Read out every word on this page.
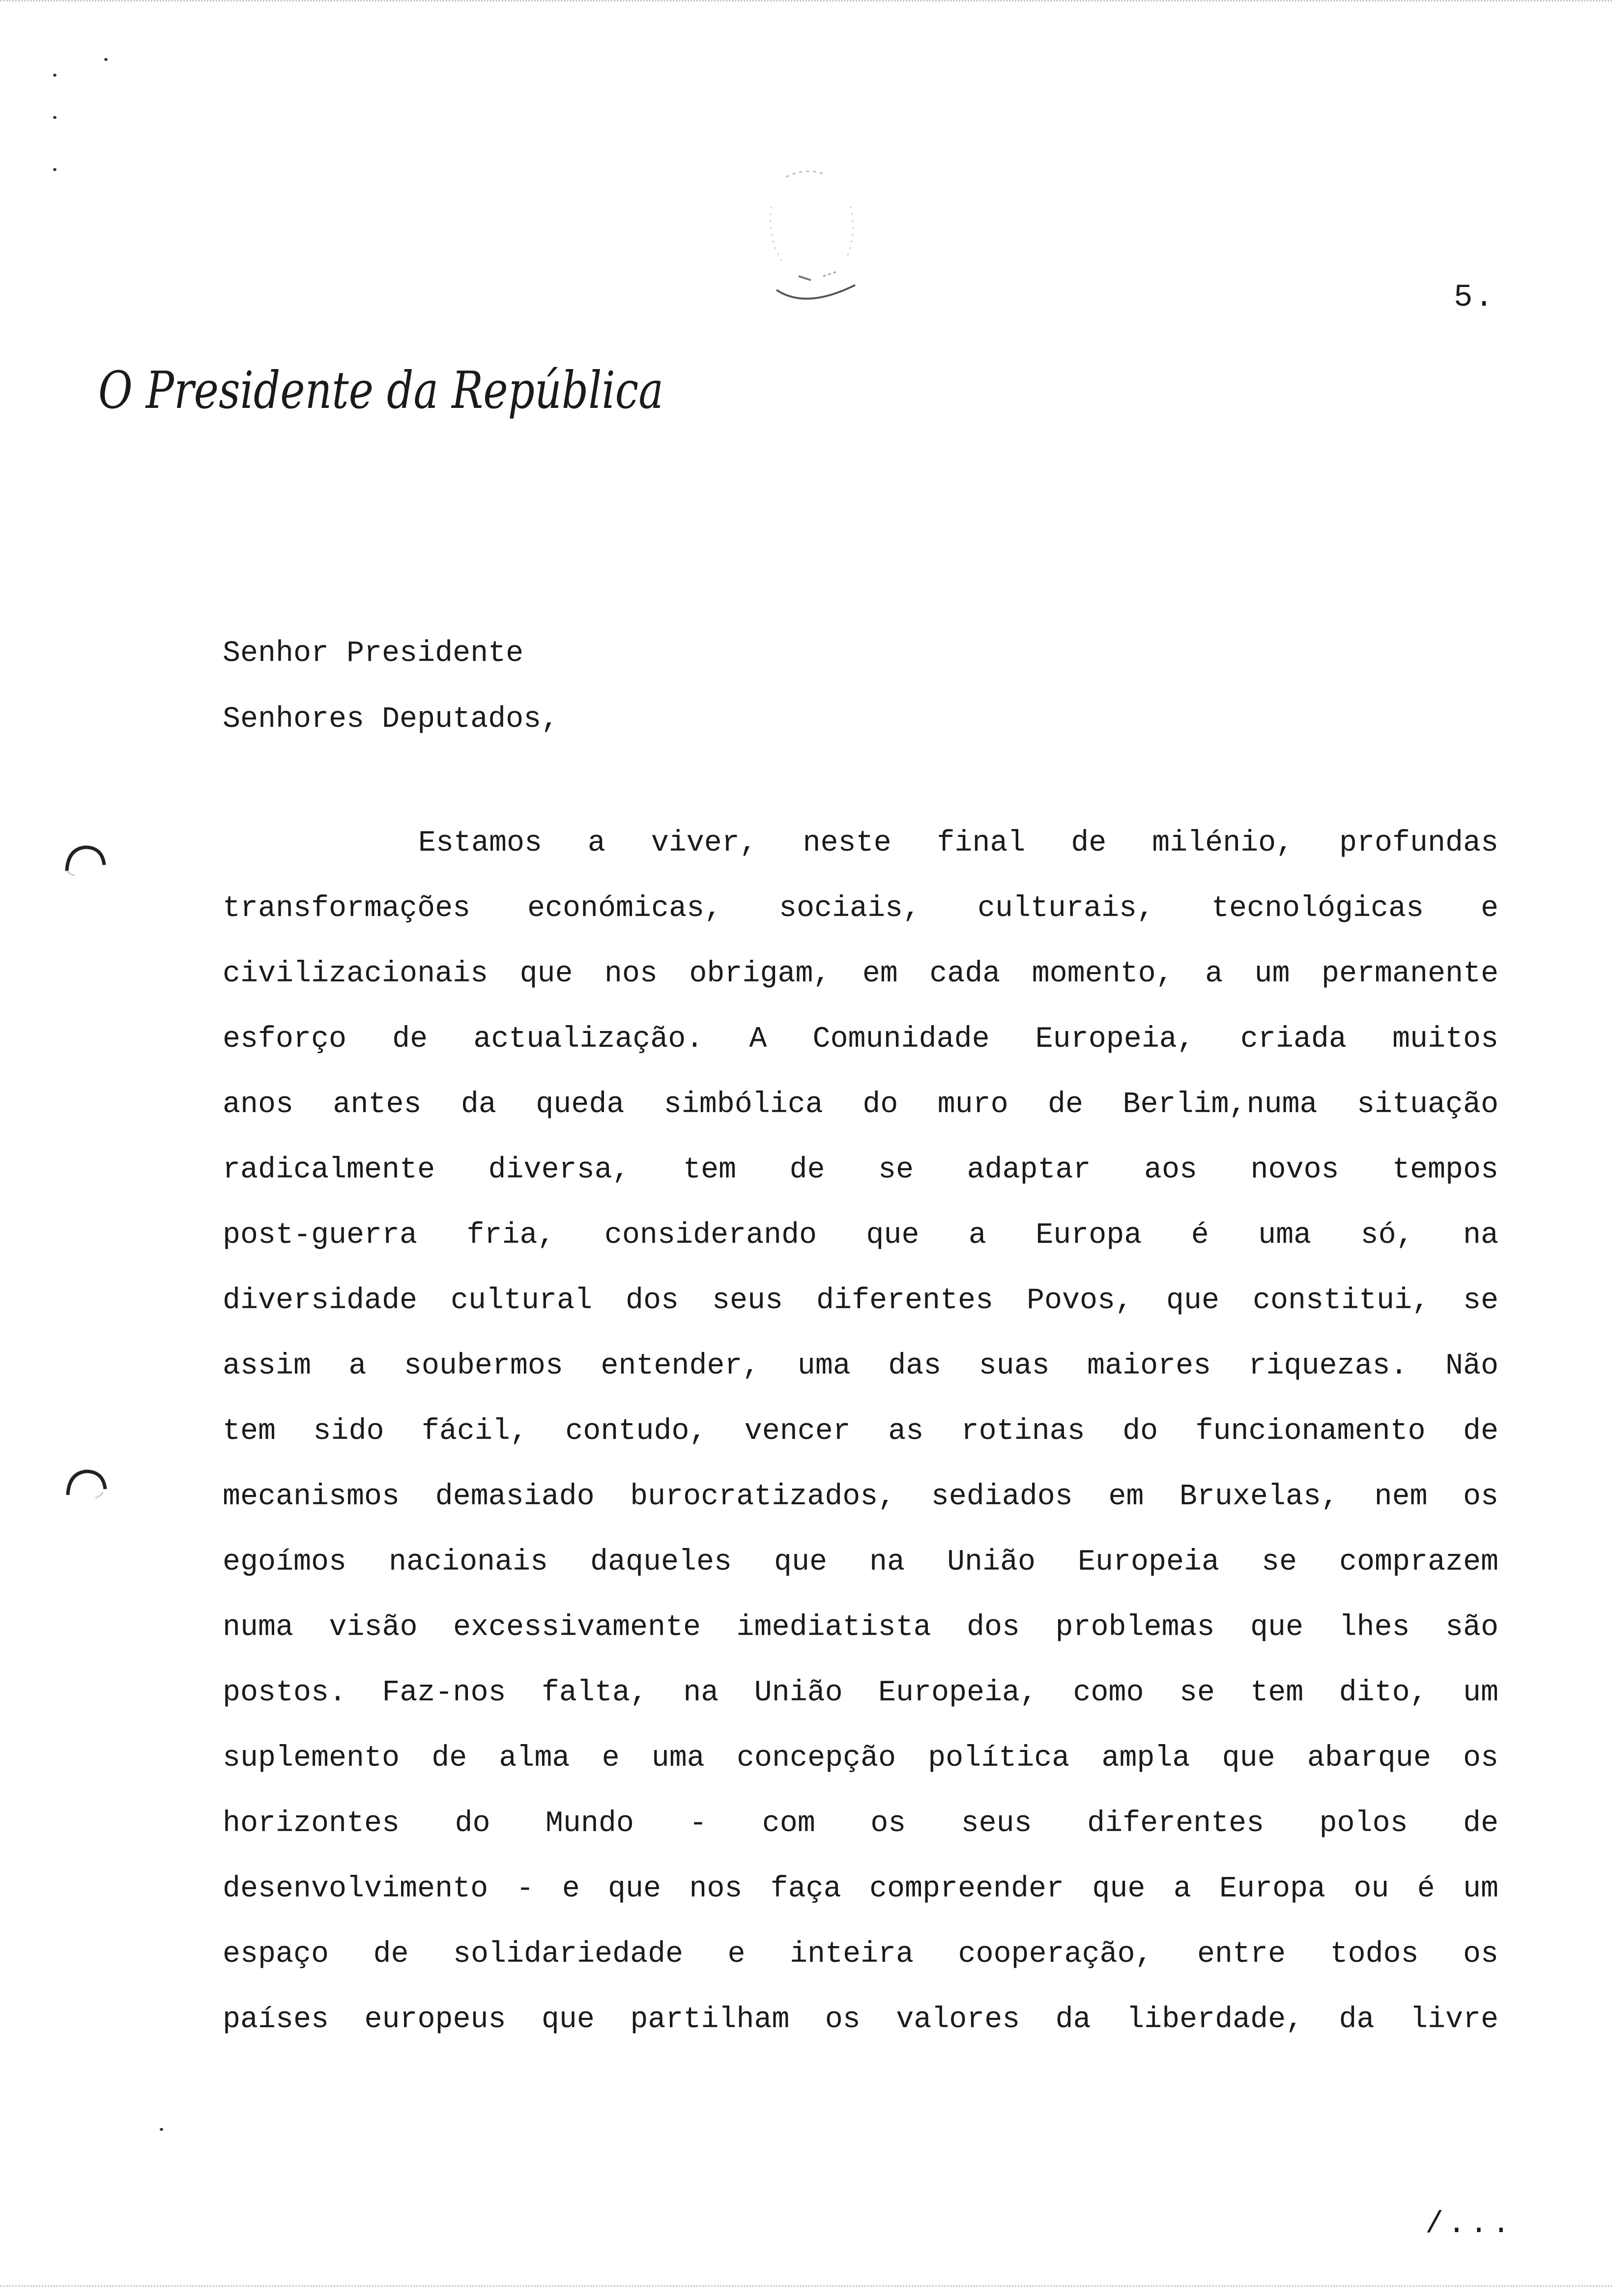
5.
O Presidente da República
Senhor Presidente
Senhores Deputados,
Estamos a viver, neste final de milénio, profundas
transformações económicas, sociais, culturais, tecnológicas e
civilizacionais que nos obrigam, em cada momento, a um permanente
esforço de actualização. A Comunidade Europeia, criada muitos
anos antes da queda simbólica do muro de Berlim,numa situação
radicalmente diversa, tem de se adaptar aos novos tempos
post-guerra fria, considerando que a Europa é uma só, na
diversidade cultural dos seus diferentes Povos, que constitui, se
assim a soubermos entender, uma das suas maiores riquezas. Não
tem sido fácil, contudo, vencer as rotinas do funcionamento de
mecanismos demasiado burocratizados, sediados em Bruxelas, nem os
egoímos nacionais daqueles que na União Europeia se comprazem
numa visão excessivamente imediatista dos problemas que lhes são
postos. Faz-nos falta, na União Europeia, como se tem dito, um
suplemento de alma e uma concepção política ampla que abarque os
horizontes do Mundo - com os seus diferentes polos de
desenvolvimento - e que nos faça compreender que a Europa ou é um
espaço de solidariedade e inteira cooperação, entre todos os
países europeus que partilham os valores da liberdade, da livre
/...
